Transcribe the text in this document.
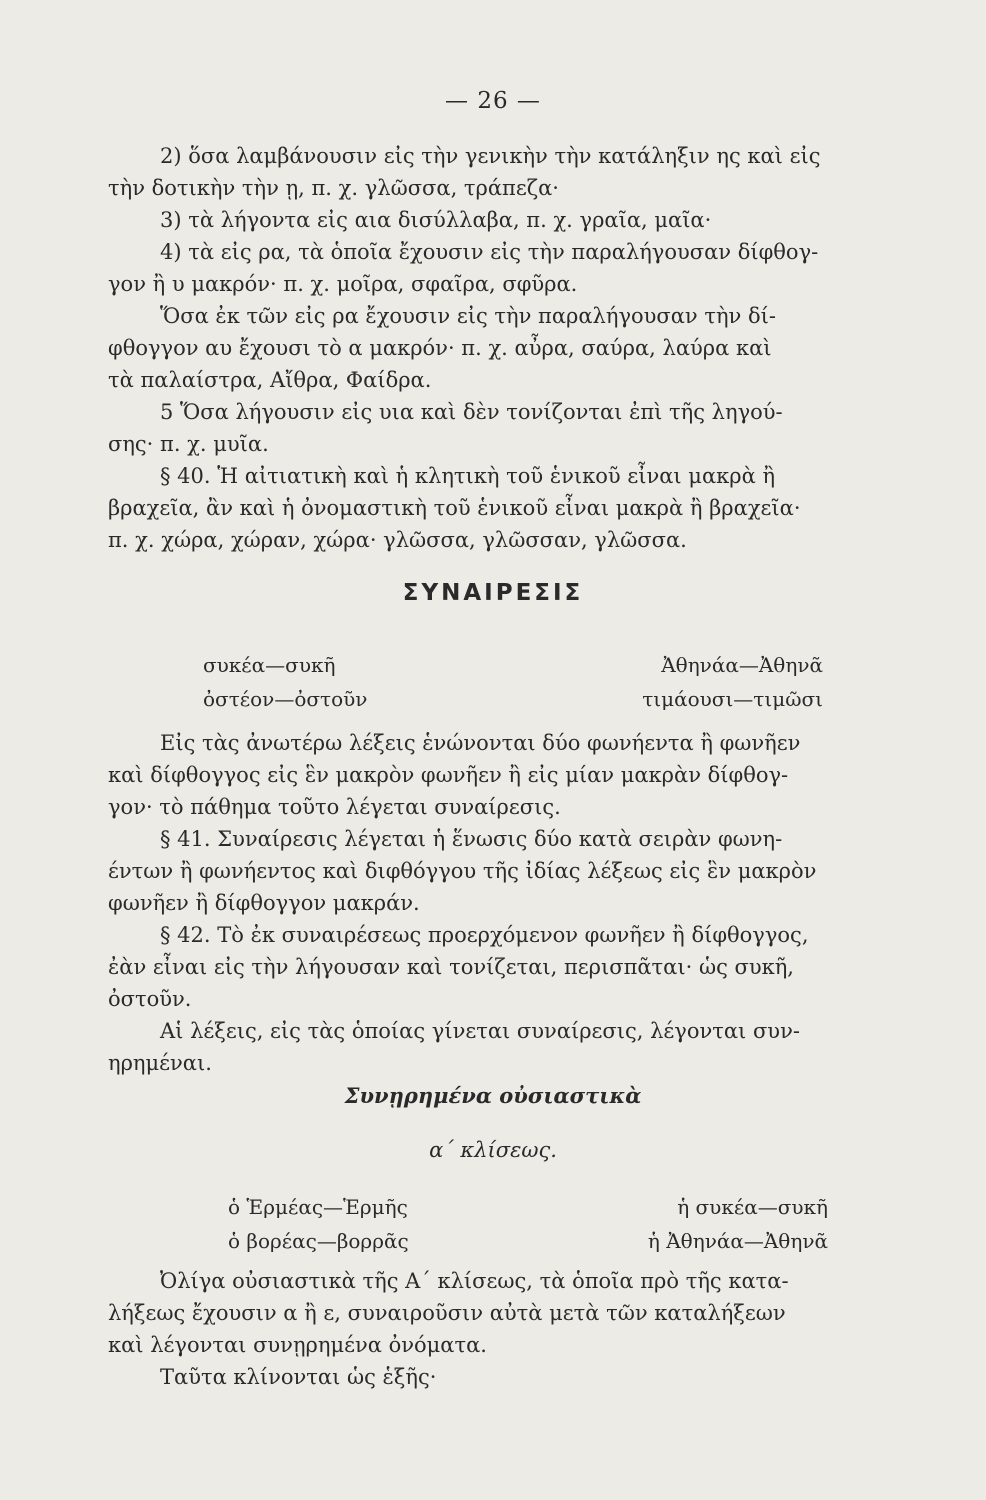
— 26 —
2) ὅσα λαμβάνουσιν εἰς τὴν γενικὴν τὴν κατάληξιν ης καὶ εἰς
τὴν δοτικὴν τὴν ῃ, π. χ. γλῶσσα, τράπεζα·
3) τὰ λήγοντα εἰς αια δισύλλαβα, π. χ. γραῖα, μαῖα·
4) τὰ εἰς ρα, τὰ ὁποῖα ἔχουσιν εἰς τὴν παραλήγουσαν δίφθογ-
γον ἢ υ μακρόν· π. χ. μοῖρα, σφαῖρα, σφῦρα.
Ὅσα ἐκ τῶν εἰς ρα ἔχουσιν εἰς τὴν παραλήγουσαν τὴν δί-
φθογγον αυ ἔχουσι τὸ α μακρόν· π. χ. αὖρα, σαύρα, λαύρα καὶ
τὰ παλαίστρα, Αἴθρα, Φαίδρα.
5 Ὅσα λήγουσιν εἰς υια καὶ δὲν τονίζονται ἐπὶ τῆς ληγού-
σης· π. χ. μυῖα.
§ 40. Ἡ αἰτιατικὴ καὶ ἡ κλητικὴ τοῦ ἑνικοῦ εἶναι μακρὰ ἢ
βραχεῖα, ἂν καὶ ἡ ὀνομαστικὴ τοῦ ἑνικοῦ εἶναι μακρὰ ἢ βραχεῖα·
π. χ. χώρα, χώραν, χώρα· γλῶσσα, γλῶσσαν, γλῶσσα.
ΣΥΝΑΙΡΕΣΙΣ
συκέα—συκῆ	Ἀθηνάα—Ἀθηνᾶ
ὀστέον—ὀστοῦν	τιμάουσι—τιμῶσι
Εἰς τὰς ἀνωτέρω λέξεις ἑνώνονται δύο φωνήεντα ἢ φωνῆεν
καὶ δίφθογγος εἰς ἓν μακρὸν φωνῆεν ἢ εἰς μίαν μακρὰν δίφθογ-
γον· τὸ πάθημα τοῦτο λέγεται συναίρεσις.
§ 41. Συναίρεσις λέγεται ἡ ἕνωσις δύο κατὰ σειρὰν φωνη-
έντων ἢ φωνήεντος καὶ διφθόγγου τῆς ἰδίας λέξεως εἰς ἓν μακρὸν
φωνῆεν ἢ δίφθογγον μακράν.
§ 42. Τὸ ἐκ συναιρέσεως προερχόμενον φωνῆεν ἢ δίφθογγος,
ἐὰν εἶναι εἰς τὴν λήγουσαν καὶ τονίζεται, περισπᾶται· ὡς συκῆ,
ὀστοῦν.
Αἱ λέξεις, εἰς τὰς ὁποίας γίνεται συναίρεσις, λέγονται συν-
ηρημέναι.
Συνῃρημένα οὐσιαστικὰ
α΄ κλίσεως.
ὁ Ἑρμέας—Ἑρμῆς	ἡ συκέα—συκῆ
ὁ βορέας—βορρᾶς	ἡ Ἀθηνάα—Ἀθηνᾶ
Ὀλίγα οὐσιαστικὰ τῆς Α΄ κλίσεως, τὰ ὁποῖα πρὸ τῆς κατα-
λήξεως ἔχουσιν α ἢ ε, συναιροῦσιν αὐτὰ μετὰ τῶν καταλήξεων
καὶ λέγονται συνῃρημένα ὀνόματα.
Ταῦτα κλίνονται ὡς ἑξῆς·
